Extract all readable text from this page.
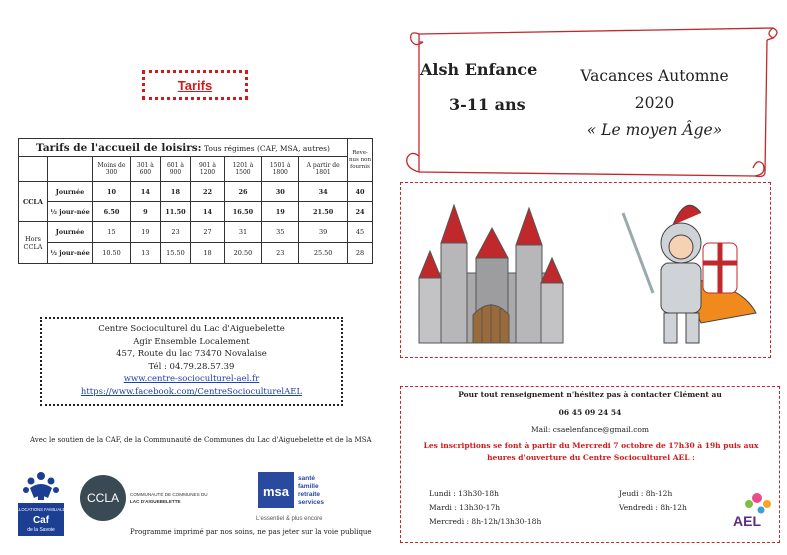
Tarifs
Tarifs de l'accueil de loisirs: Tous régimes (CAF, MSA, autres)									Reve-nus non fournis
		Moins de 300	301 à 600	601 à 900	901 à 1200	1201 à 1500	1501 à 1800	A partir de 1801	
CCLA	Journée	10	14	18	22	26	30	34	40
	½ jour-née	6.50	9	11.50	14	16.50	19	21.50	24
Hors CCLA	Journée	15	19	23	27	31	35	39	45
	½ jour-née	10.50	13	15.50	18	20.50	23	25.50	28
Centre Socioculturel du Lac d'Aiguebelette
Agir Ensemble Localement
457, Route du lac 73470 Novalaise
Tél : 04.79.28.57.39
www.centre-socioculturel-ael.fr
https://www.facebook.com/CentreSocioculturelAEL
Avec le soutien de la CAF, de la Communauté de Communes du Lac d'Aiguebelette et de la MSA
ALLOCATIONS FAMILIALES
Caf
de la Savoie
CCLA COMMUNAUTÉ DE COMMUNES DU
LAC D'AIGUEBELETTE
msa
santé
famille
retraite
services
L'essentiel & plus encore
Programme imprimé par nos soins, ne pas jeter sur la voie publique
Alsh Enfance
3-11 ans
Vacances Automne
2020
« Le moyen Âge»
Pour tout renseignement n'hésitez pas à contacter Clément au
06 45 09 24 54
Mail: csaelenfance@gmail.com
Les inscriptions se font à partir du Mercredi 7 octobre de 17h30 à 19h puis aux heures d'ouverture du Centre Socioculturel AEL :
Lundi : 13h30-18h
Mardi : 13h30-17h
Mercredi : 8h-12h/13h30-18h
Jeudi : 8h-12h
Vendredi : 8h-12h
AEL
